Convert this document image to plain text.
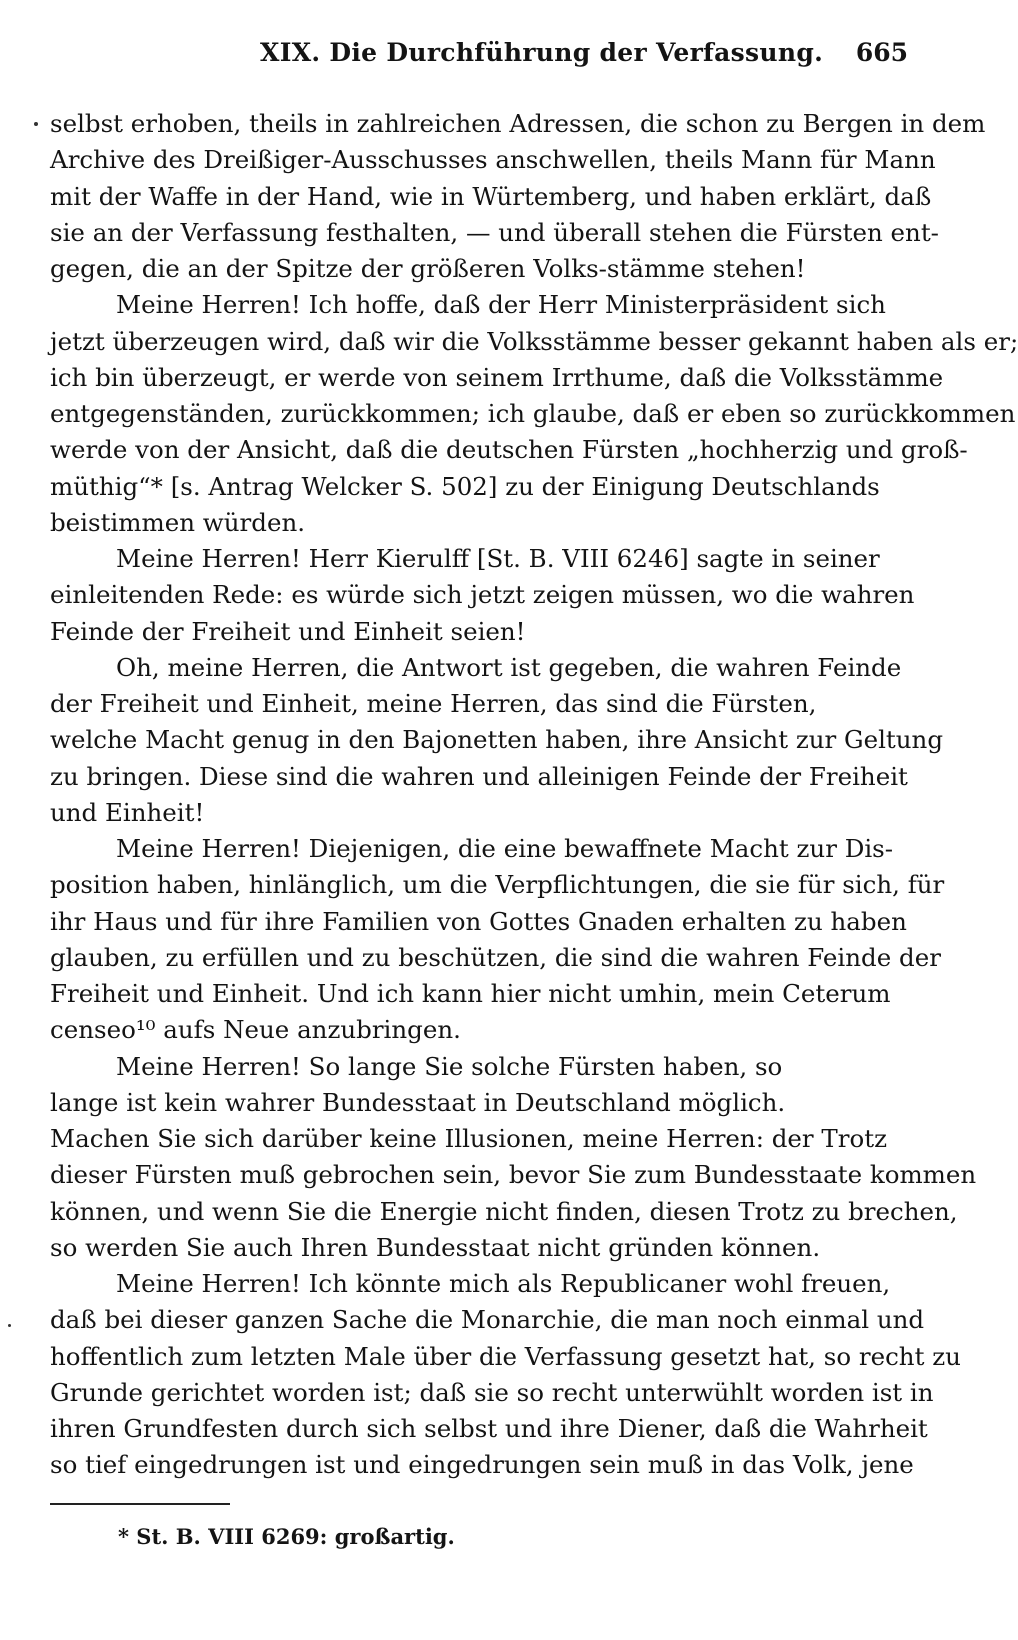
XIX. Die Durchführung der Verfassung. 665
selbst erhoben, theils in zahlreichen Adressen, die schon zu Bergen in dem
Archive des Dreißiger-Ausschusses anschwellen, theils Mann für Mann
mit der Waffe in der Hand, wie in Würtemberg, und haben erklärt, daß
sie an der Verfassung festhalten, — und überall stehen die Fürsten ent-
gegen, die an der Spitze der größeren Volks-stämme stehen!
Meine Herren! Ich hoffe, daß der Herr Ministerpräsident sich
jetzt überzeugen wird, daß wir die Volksstämme besser gekannt haben als er;
ich bin überzeugt, er werde von seinem Irrthume, daß die Volksstämme
entgegenständen, zurückkommen; ich glaube, daß er eben so zurückkommen
werde von der Ansicht, daß die deutschen Fürsten „hochherzig und groß-
müthig“* [s. Antrag Welcker S. 502] zu der Einigung Deutschlands
beistimmen würden.
Meine Herren! Herr Kierulff [St. B. VIII 6246] sagte in seiner
einleitenden Rede: es würde sich jetzt zeigen müssen, wo die wahren
Feinde der Freiheit und Einheit seien!
Oh, meine Herren, die Antwort ist gegeben, die wahren Feinde
der Freiheit und Einheit, meine Herren, das sind die Fürsten,
welche Macht genug in den Bajonetten haben, ihre Ansicht zur Geltung
zu bringen. Diese sind die wahren und alleinigen Feinde der Freiheit
und Einheit!
Meine Herren! Diejenigen, die eine bewaffnete Macht zur Dis-
position haben, hinlänglich, um die Verpflichtungen, die sie für sich, für
ihr Haus und für ihre Familien von Gottes Gnaden erhalten zu haben
glauben, zu erfüllen und zu beschützen, die sind die wahren Feinde der
Freiheit und Einheit. Und ich kann hier nicht umhin, mein Ceterum
censeo¹⁰ aufs Neue anzubringen.
Meine Herren! So lange Sie solche Fürsten haben, so
lange ist kein wahrer Bundesstaat in Deutschland möglich.
Machen Sie sich darüber keine Illusionen, meine Herren: der Trotz
dieser Fürsten muß gebrochen sein, bevor Sie zum Bundesstaate kommen
können, und wenn Sie die Energie nicht finden, diesen Trotz zu brechen,
so werden Sie auch Ihren Bundesstaat nicht gründen können.
Meine Herren! Ich könnte mich als Republicaner wohl freuen,
daß bei dieser ganzen Sache die Monarchie, die man noch einmal und
hoffentlich zum letzten Male über die Verfassung gesetzt hat, so recht zu
Grunde gerichtet worden ist; daß sie so recht unterwühlt worden ist in
ihren Grundfesten durch sich selbst und ihre Diener, daß die Wahrheit
so tief eingedrungen ist und eingedrungen sein muß in das Volk, jene
* St. B. VIII 6269: großartig.
